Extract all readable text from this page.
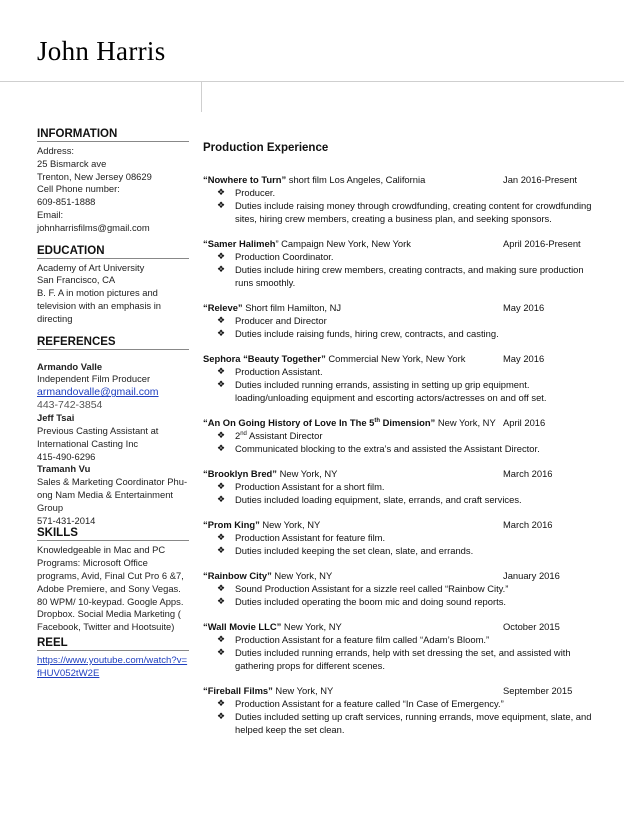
John Harris
INFORMATION
Address:
25 Bismarck ave
Trenton, New Jersey 08629
Cell Phone number:
609-851-1888
Email:
johnharrisfilms@gmail.com
EDUCATION
Academy of Art University
San Francisco, CA
B. F. A in motion pictures and television with an emphasis in directing
REFERENCES
Armando Valle
Independent Film Producer
armandovalle@gmail.com
443-742-3854
Jeff Tsai
Previous Casting Assistant at International Casting Inc
415-490-6296
Tramanh Vu
Sales & Marketing Coordinator Phu-ong Nam Media & Entertainment Group
571-431-2014
SKILLS
Knowledgeable in Mac and PC Programs: Microsoft Office programs, Avid, Final Cut Pro 6 &7, Adobe Premiere, and Sony Vegas. 80 WPM/ 10-keypad. Google Apps. Dropbox. Social Media Marketing ( Facebook, Twitter and Hootsuite)
REEL
https://www.youtube.com/watch?v=fHUV052tW2E
Production Experience
“Nowhere to Turn” short film Los Angeles, California	Jan 2016-Present
❖ Producer.
❖ Duties include raising money through crowdfunding, creating content for crowdfunding sites, hiring crew members, creating a business plan, and seeking sponsors.
“Samer Halimeh” Campaign New York, New York	April 2016-Present
❖ Production Coordinator.
❖ Duties include hiring crew members, creating contracts, and making sure production runs smoothly.
“Releve” Short film Hamilton, NJ	May 2016
❖ Producer and Director
❖ Duties include raising funds, hiring crew, contracts, and casting.
Sephora “Beauty Together” Commercial New York, New York	May 2016
❖ Production Assistant.
❖ Duties included running errands, assisting in setting up grip equipment. loading/unloading equipment and escorting actors/actresses on and off set.
“An On Going History of Love In The 5th Dimension” New York, NY April 2016
❖ 2nd Assistant Director
❖ Communicated blocking to the extra’s and assisted the Assistant Director.
“Brooklyn Bred” New York, NY	March 2016
❖ Production Assistant for a short film.
❖ Duties included loading equipment, slate, errands, and craft services.
“Prom King” New York, NY	March 2016
❖ Production Assistant for feature film.
❖ Duties included keeping the set clean, slate, and errands.
“Rainbow City” New York, NY	January 2016
❖ Sound Production Assistant for a sizzle reel called “Rainbow City.”
❖ Duties included operating the boom mic and doing sound reports.
“Wall Movie LLC” New York, NY	October 2015
❖ Production Assistant for a feature film called “Adam’s Bloom.”
❖ Duties included running errands, help with set dressing the set, and assisted with gathering props for different scenes.
“Fireball Films” New York, NY	September 2015
❖ Production Assistant for a feature called “In Case of Emergency.”
❖ Duties included setting up craft services, running errands, move equipment, slate, and helped keep the set clean.
